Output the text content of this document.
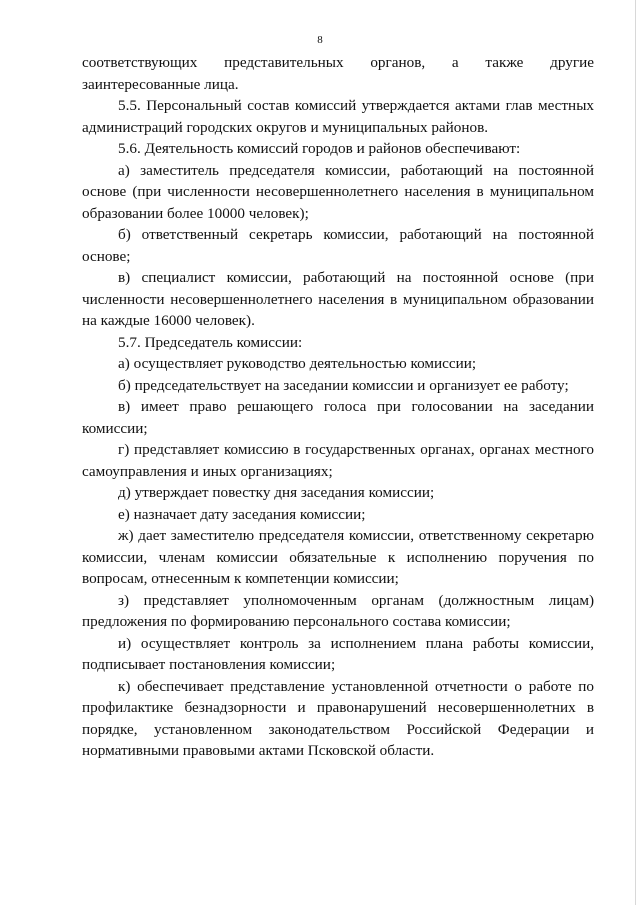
8

соответствующих представительных органов, а также другие заинтересованные лица.

5.5. Персональный состав комиссий утверждается актами глав местных администраций городских округов и муниципальных районов.

5.6. Деятельность комиссий городов и районов обеспечивают:

а) заместитель председателя комиссии, работающий на постоянной основе (при численности несовершеннолетнего населения в муниципальном образовании более 10000 человек);

б) ответственный секретарь комиссии, работающий на постоянной основе;

в) специалист комиссии, работающий на постоянной основе (при численности несовершеннолетнего населения в муниципальном образовании на каждые 16000 человек).

5.7. Председатель комиссии:

а) осуществляет руководство деятельностью комиссии;

б) председательствует на заседании комиссии и организует ее работу;

в) имеет право решающего голоса при голосовании на заседании комиссии;

г) представляет комиссию в государственных органах, органах местного самоуправления и иных организациях;

д) утверждает повестку дня заседания комиссии;

е) назначает дату заседания комиссии;

ж) дает заместителю председателя комиссии, ответственному секретарю комиссии, членам комиссии обязательные к исполнению поручения по вопросам, отнесенным к компетенции комиссии;

з) представляет уполномоченным органам (должностным лицам) предложения по формированию персонального состава комиссии;

и) осуществляет контроль за исполнением плана работы комиссии, подписывает постановления комиссии;

к) обеспечивает представление установленной отчетности о работе по профилактике безнадзорности и правонарушений несовершеннолетних в порядке, установленном законодательством Российской Федерации и нормативными правовыми актами Псковской области.
